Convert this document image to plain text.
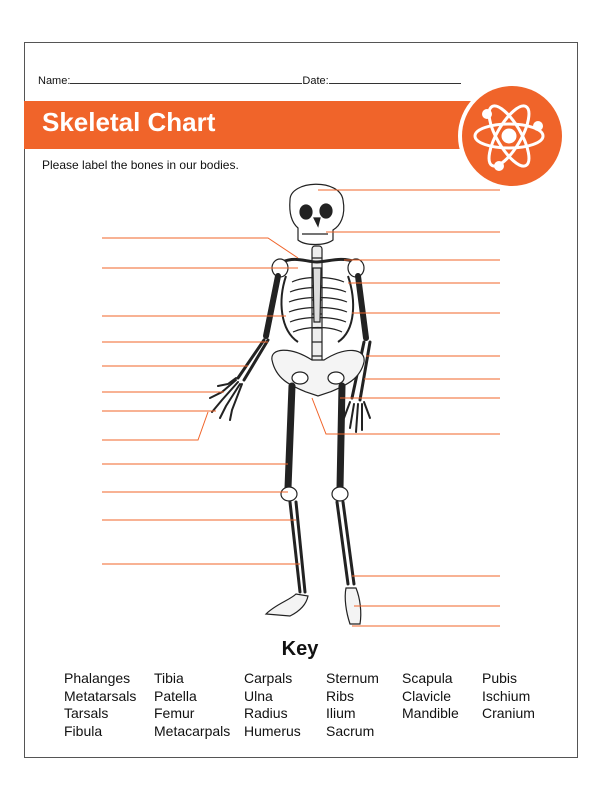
Name:	Date:
Skeletal Chart	SCIENCE
Please label the bones in our bodies.
Key
Phalanges
Metatarsals
Tarsals
Fibula
Tibia
Patella
Femur
Metacarpals
Carpals
Ulna
Radius
Humerus
Sternum
Ribs
Ilium
Sacrum
Scapula
Clavicle
Mandible
Pubis
Ischium
Cranium
